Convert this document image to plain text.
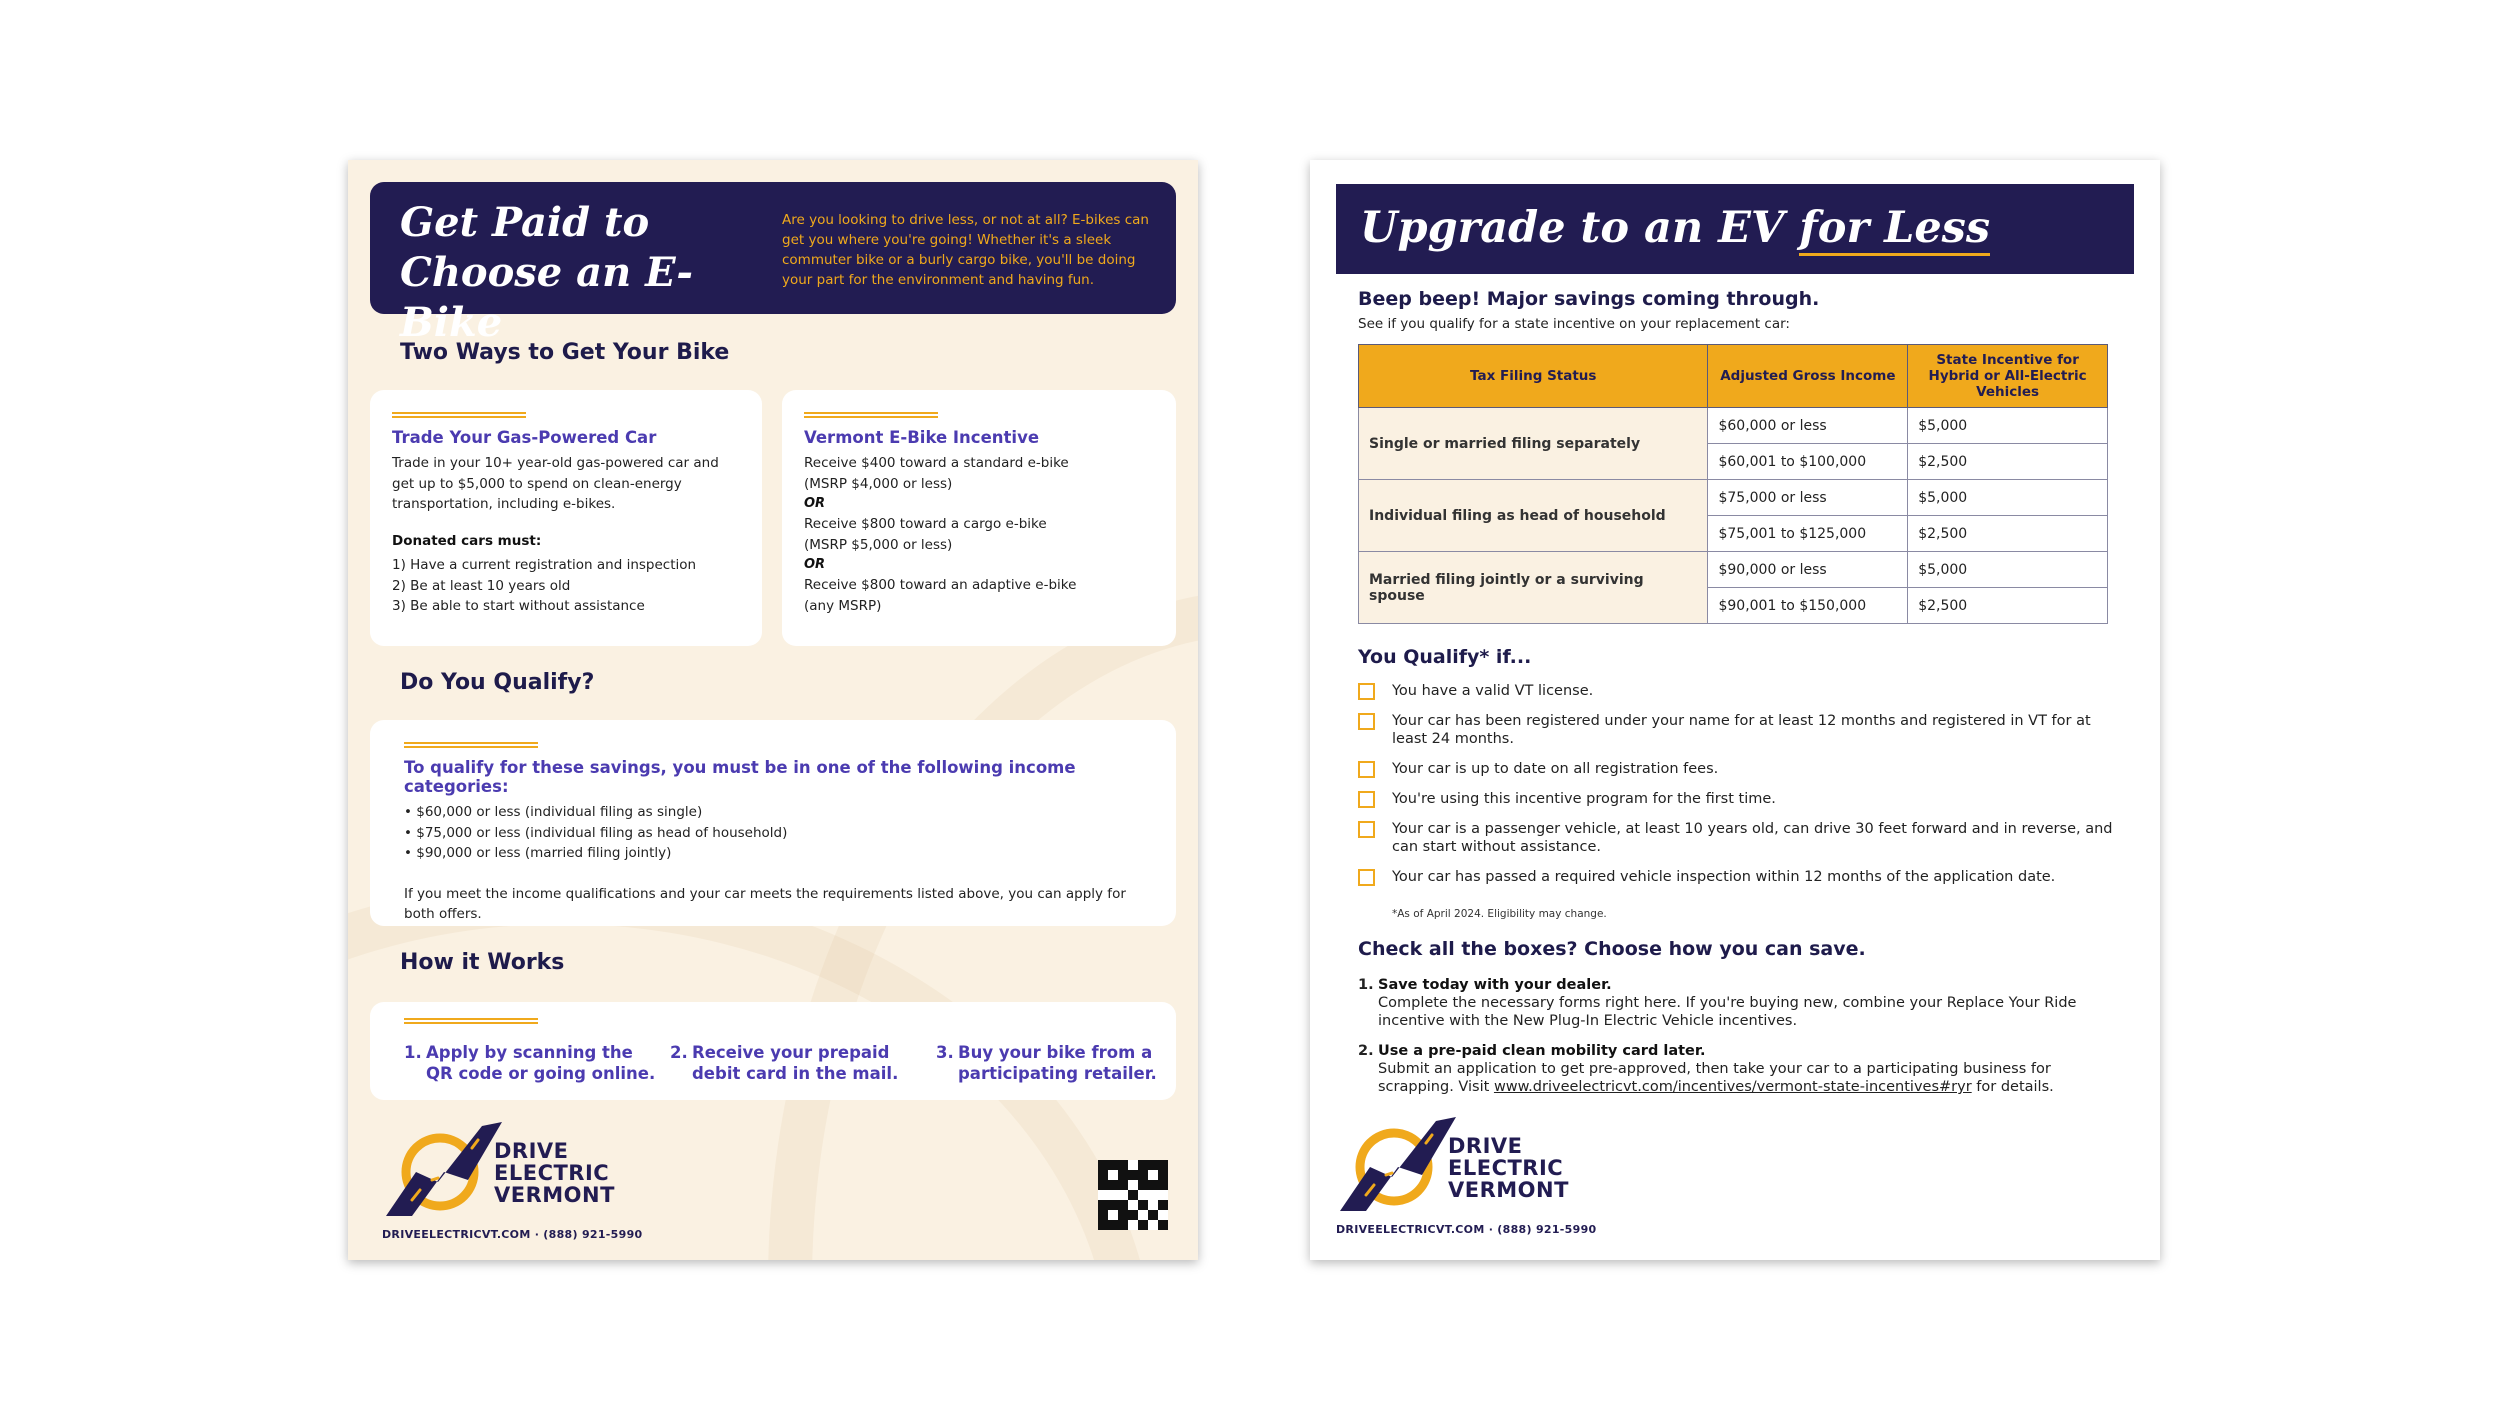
Get Paid to
Choose an E-Bike
Are you looking to drive less, or not at all? E-bikes can get you where you're going! Whether it's a sleek commuter bike or a burly cargo bike, you'll be doing your part for the environment and having fun.
Two Ways to Get Your Bike
Trade Your Gas-Powered Car
Trade in your 10+ year-old gas-powered car and get up to $5,000 to spend on clean-energy transportation, including e-bikes.
Donated cars must:
1) Have a current registration and inspection
2) Be at least 10 years old
3) Be able to start without assistance
Vermont E-Bike Incentive
Receive $400 toward a standard e-bike
(MSRP $4,000 or less)
OR
Receive $800 toward a cargo e-bike
(MSRP $5,000 or less)
OR
Receive $800 toward an adaptive e-bike
(any MSRP)
Do You Qualify?
To qualify for these savings, you must be in one of the following income categories:
• $60,000 or less (individual filing as single)
• $75,000 or less (individual filing as head of household)
• $90,000 or less (married filing jointly)
If you meet the income qualifications and your car meets the requirements listed above, you can apply for both offers.
How it Works
1. Apply by scanning the
QR code or going online.
2. Receive your prepaid
debit card in the mail.
3. Buy your bike from a
participating retailer.
DRIVE
ELECTRIC
VERMONT
DRIVEELECTRICVT.COM · (888) 921-5990
Upgrade to an EV for Less
Beep beep! Major savings coming through.
See if you qualify for a state incentive on your replacement car:
Tax Filing Status	Adjusted Gross Income	State Incentive for Hybrid or All-Electric Vehicles
Single or married filing separately	$60,000 or less	$5,000
	$60,001 to $100,000	$2,500
Individual filing as head of household	$75,000 or less	$5,000
	$75,001 to $125,000	$2,500
Married filing jointly or a surviving spouse	$90,000 or less	$5,000
	$90,001 to $150,000	$2,500
You Qualify* if...
You have a valid VT license.
Your car has been registered under your name for at least 12 months and registered in VT for at least 24 months.
Your car is up to date on all registration fees.
You're using this incentive program for the first time.
Your car is a passenger vehicle, at least 10 years old, can drive 30 feet forward and in reverse, and can start without assistance.
Your car has passed a required vehicle inspection within 12 months of the application date.
*As of April 2024. Eligibility may change.
Check all the boxes? Choose how you can save.
1. Save today with your dealer.
Complete the necessary forms right here. If you're buying new, combine your Replace Your Ride incentive with the New Plug-In Electric Vehicle incentives.
2. Use a pre-paid clean mobility card later.
Submit an application to get pre-approved, then take your car to a participating business for scrapping. Visit www.driveelectricvt.com/incentives/vermont-state-incentives#ryr for details.
DRIVE
ELECTRIC
VERMONT
DRIVEELECTRICVT.COM · (888) 921-5990
